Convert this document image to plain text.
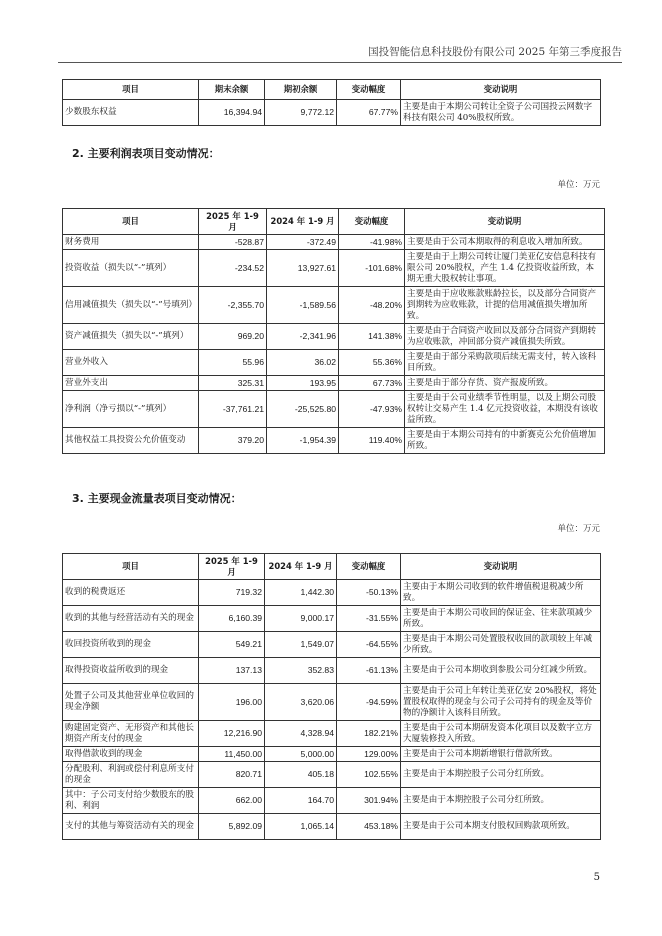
国投智能信息科技股份有限公司 2025 年第三季度报告
项目	期末余额	期初余额	变动幅度	变动说明
少数股东权益	16,394.94	9,772.12	67.77%	主要是由于本期公司转让全资子公司国投云网数字科技有限公司 40%股权所致。
2. 主要利润表项目变动情况：
单位：万元
项目	2025 年 1-9 月	2024 年 1-9 月	变动幅度	变动说明
财务费用	-528.87	-372.49	-41.98%	主要是由于公司本期取得的利息收入增加所致。
投资收益（损失以“-”填列）	-234.52	13,927.61	-101.68%	主要是由于上期公司转让厦门美亚亿安信息科技有限公司 20%股权，产生 1.4 亿投资收益所致，本期无重大股权转让事项。
信用减值损失（损失以“-”号填列）	-2,355.70	-1,589.56	-48.20%	主要是由于应收账款账龄拉长，以及部分合同资产到期转为应收账款，计提的信用减值损失增加所致。
资产减值损失（损失以“-”填列）	969.20	-2,341.96	141.38%	主要是由于合同资产收回以及部分合同资产到期转为应收账款，冲回部分资产减值损失所致。
营业外收入	55.96	36.02	55.36%	主要是由于部分采购款项后续无需支付，转入该科目所致。
营业外支出	325.31	193.95	67.73%	主要是由于部分存货、资产报废所致。
净利润（净亏损以“-”填列）	-37,761.21	-25,525.80	-47.93%	主要是由于公司业绩季节性明显，以及上期公司股权转让交易产生 1.4 亿元投资收益，本期没有该收益所致。
其他权益工具投资公允价值变动	379.20	-1,954.39	119.40%	主要是由于本期公司持有的中新赛克公允价值增加所致。
3. 主要现金流量表项目变动情况：
单位：万元
项目	2025 年 1-9 月	2024 年 1-9 月	变动幅度	变动说明
收到的税费返还	719.32	1,442.30	-50.13%	主要由于本期公司收到的软件增值税退税减少所致。
收到的其他与经营活动有关的现金	6,160.39	9,000.17	-31.55%	主要是由于本期公司收回的保证金、往来款项减少所致。
收回投资所收到的现金	549.21	1,549.07	-64.55%	主要是由于本期公司处置股权收回的款项较上年减少所致。
取得投资收益所收到的现金	137.13	352.83	-61.13%	主要是由于公司本期收到参股公司分红减少所致。
处置子公司及其他营业单位收回的现金净额	196.00	3,620.06	-94.59%	主要是由于公司上年转让美亚亿安 20%股权，将处置股权取得的现金与公司子公司持有的现金及等价物的净额计入该科目所致。
购建固定资产、无形资产和其他长期资产所支付的现金	12,216.90	4,328.94	182.21%	主要是由于公司本期研发资本化项目以及数字立方大厦装修投入所致。
取得借款收到的现金	11,450.00	5,000.00	129.00%	主要是由于公司本期新增银行借款所致。
分配股利、利润或偿付利息所支付的现金	820.71	405.18	102.55%	主要是由于本期控股子公司分红所致。
其中：子公司支付给少数股东的股利、利润	662.00	164.70	301.94%	主要是由于本期控股子公司分红所致。
支付的其他与筹资活动有关的现金	5,892.09	1,065.14	453.18%	主要是由于公司本期支付股权回购款项所致。
5
